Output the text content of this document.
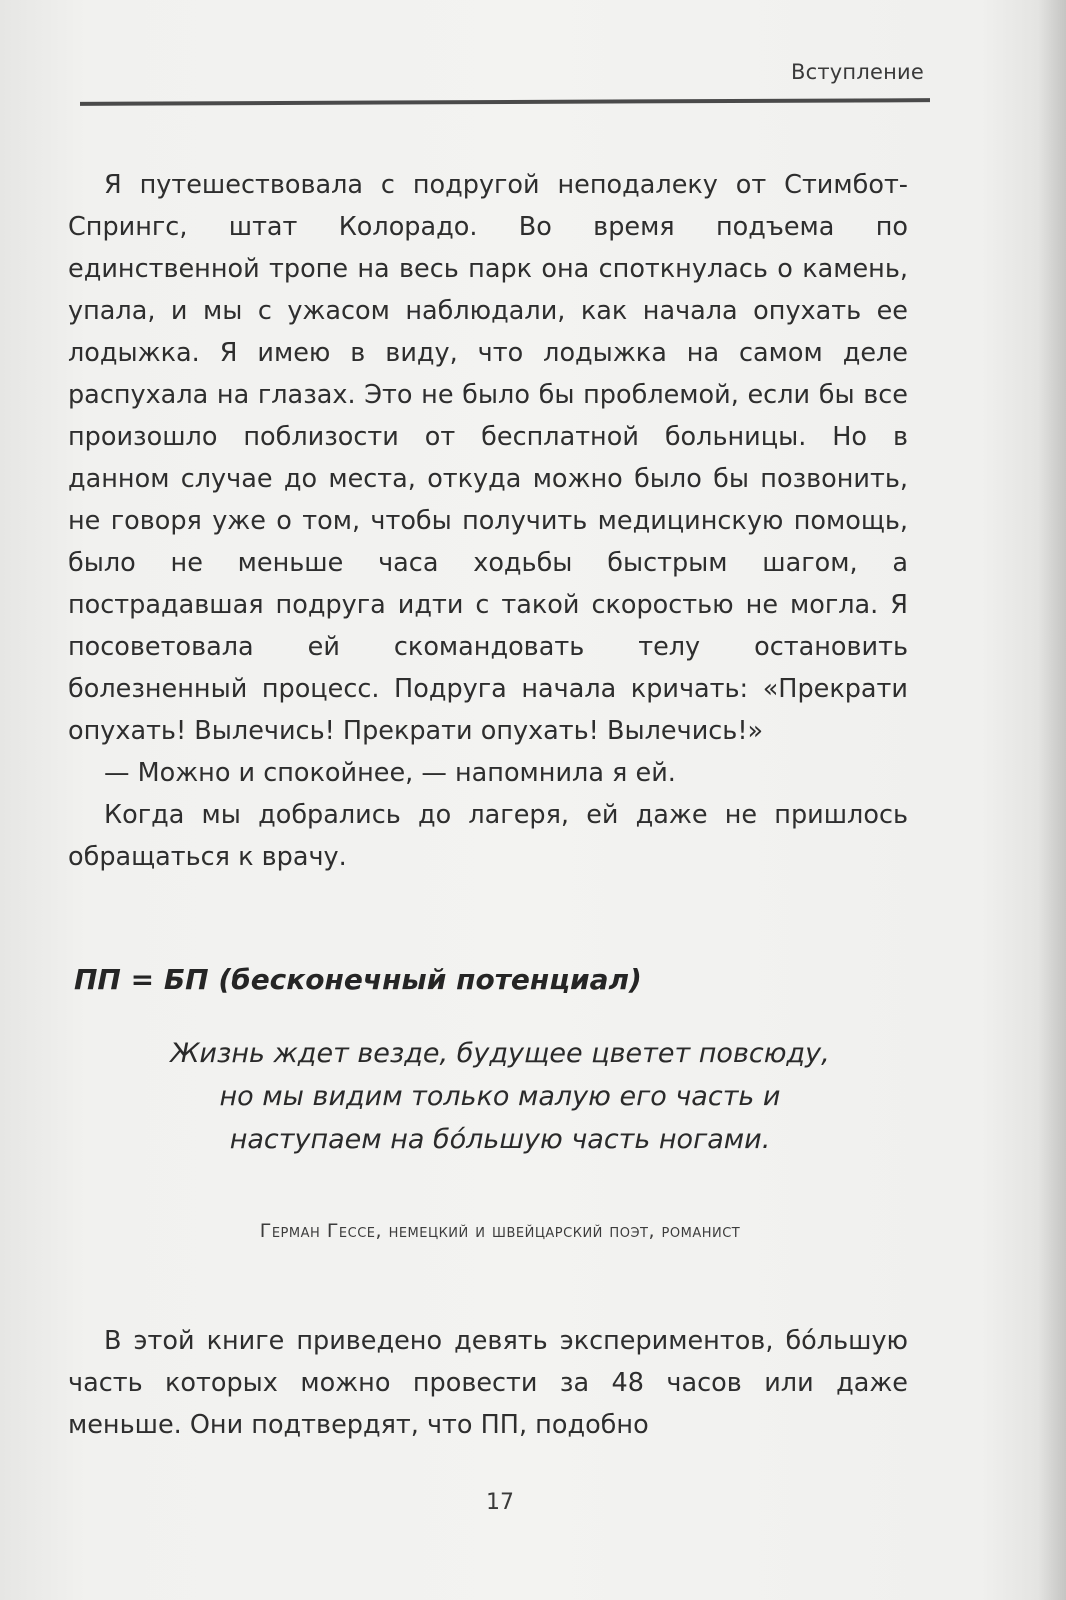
Вступление

Я путешествовала с подругой неподалеку от Стимбот-Спрингс, штат Колорадо. Во время подъема по единственной тропе на весь парк она споткнулась о камень, упала, и мы с ужасом наблюдали, как начала опухать ее лодыжка. Я имею в виду, что лодыжка на самом деле распухала на глазах. Это не было бы проблемой, если бы все произошло поблизости от бесплатной больницы. Но в данном случае до места, откуда можно было бы позвонить, не говоря уже о том, чтобы получить медицинскую помощь, было не меньше часа ходьбы быстрым шагом, а пострадавшая подруга идти с такой скоростью не могла. Я посоветовала ей скомандовать телу остановить болезненный процесс. Подруга начала кричать: «Прекрати опухать! Вылечись! Прекрати опухать! Вылечись!»

— Можно и спокойнее, — напомнила я ей.

Когда мы добрались до лагеря, ей даже не пришлось обращаться к врачу.

ПП = БП (бесконечный потенциал)

Жизнь ждет везде, будущее цветет повсюду, но мы видим только малую его часть и наступаем на бóльшую часть ногами.

Герман Гессе, немецкий и швейцарский поэт, романист

В этой книге приведено девять экспериментов, бóльшую часть которых можно провести за 48 часов или даже меньше. Они подтвердят, что ПП, подобно

17
